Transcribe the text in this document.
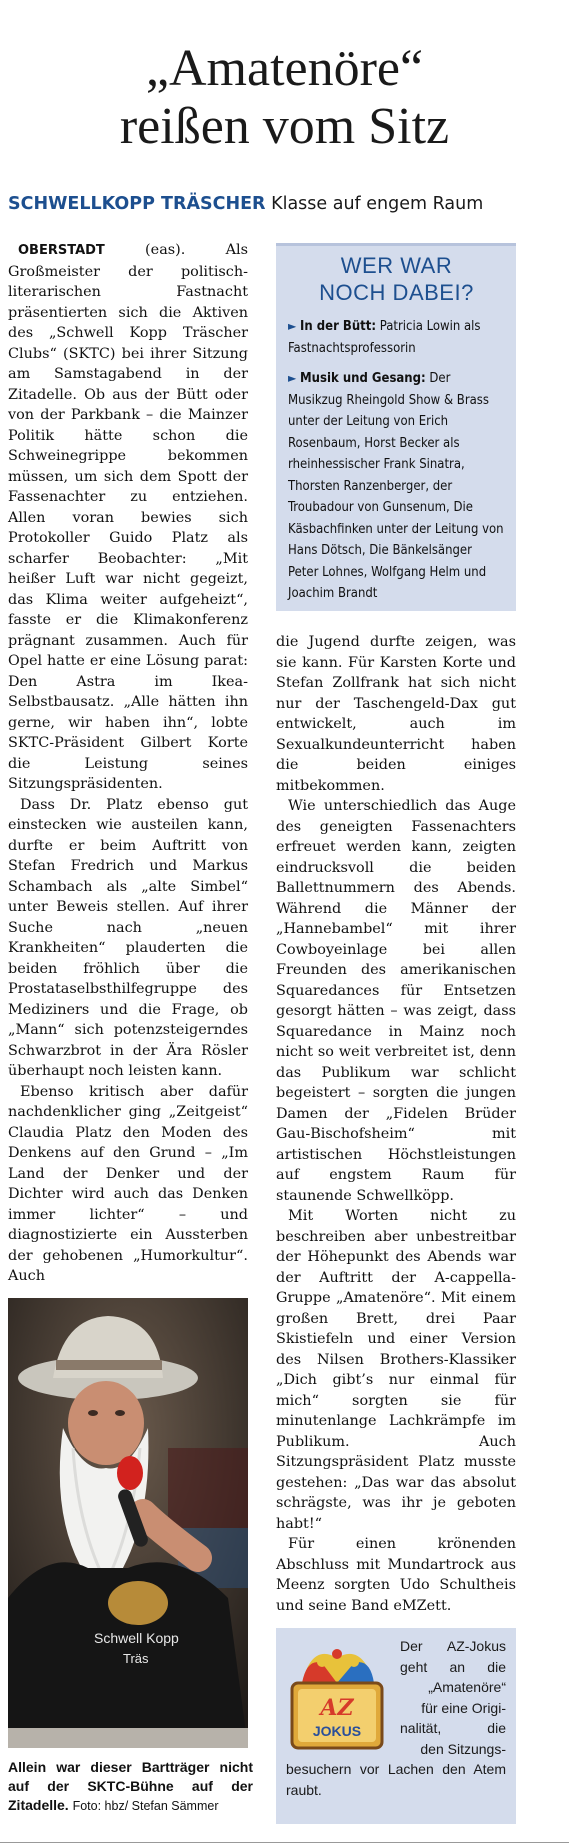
„Amatenöre“
reißen vom Sitz
SCHWELLKOPP TRÄSCHER Klasse auf engem Raum

OBERSTADT (eas). Als Großmeister der politisch-literarischen Fastnacht präsentierten sich die Aktiven des „Schwell Kopp Träscher Clubs“ (SKTC) bei ihrer Sitzung am Samstagabend in der Zitadelle. Ob aus der Bütt oder von der Parkbank – die Mainzer Politik hätte schon die Schweinegrippe bekommen müssen, um sich dem Spott der Fassenachter zu entziehen. Allen voran bewies sich Protokoller Guido Platz als scharfer Beobachter: „Mit heißer Luft war nicht gegeizt, das Klima weiter aufgeheizt“, fasste er die Klimakonferenz prägnant zusammen. Auch für Opel hatte er eine Lösung parat: Den Astra im Ikea-Selbstbausatz. „Alle hätten ihn gerne, wir haben ihn“, lobte SKTC-Präsident Gilbert Korte die Leistung seines Sitzungspräsidenten.

Dass Dr. Platz ebenso gut einstecken wie austeilen kann, durfte er beim Auftritt von Stefan Fredrich und Markus Schambach als „alte Simbel“ unter Beweis stellen. Auf ihrer Suche nach „neuen Krankheiten“ plauderten die beiden fröhlich über die Prostataselbsthilfegruppe des Mediziners und die Frage, ob „Mann“ sich potenzsteigerndes Schwarzbrot in der Ära Rösler überhaupt noch leisten kann.

Ebenso kritisch aber dafür nachdenklicher ging „Zeitgeist“ Claudia Platz den Moden des Denkens auf den Grund – „Im Land der Denker und der Dichter wird auch das Denken immer lichter“ – und diagnostizierte ein Aussterben der gehobenen „Humorkultur“. Auch

WER WAR
NOCH DABEI?

► In der Bütt: Patricia Lowin als Fastnachtsprofessorin

► Musik und Gesang: Der Musikzug Rheingold Show & Brass unter der Leitung von Erich Rosenbaum, Horst Becker als rheinhessischer Frank Sinatra, Thorsten Ranzenberger, der Troubadour von Gunsenum, Die Käsbachfinken unter der Leitung von Hans Dötsch, Die Bänkelsänger Peter Lohnes, Wolfgang Helm und Joachim Brandt

die Jugend durfte zeigen, was sie kann. Für Karsten Korte und Stefan Zollfrank hat sich nicht nur der Taschengeld-Dax gut entwickelt, auch im Sexualkundeunterricht haben die beiden einiges mitbekommen.

Wie unterschiedlich das Auge des geneigten Fassenachters erfreuet werden kann, zeigten eindrucksvoll die beiden Ballettnummern des Abends. Während die Männer der „Hannebambel“ mit ihrer Cowboyeinlage bei allen Freunden des amerikanischen Squaredances für Entsetzen gesorgt hätten – was zeigt, dass Squaredance in Mainz noch nicht so weit verbreitet ist, denn das Publikum war schlicht begeistert – sorgten die jungen Damen der „Fidelen Brüder Gau-Bischofsheim“ mit artistischen Höchstleistungen auf engstem Raum für staunende Schwellköpp.

Mit Worten nicht zu beschreiben aber unbestreitbar der Höhepunkt des Abends war der Auftritt der A-cappella-Gruppe „Amatenöre“. Mit einem großen Brett, drei Paar Skistiefeln und einer Version des Nilsen Brothers-Klassiker „Dich gibt’s nur einmal für mich“ sorgten sie für minutenlange Lachkrämpfe im Publikum. Auch Sitzungspräsident Platz musste gestehen: „Das war das absolut schrägste, was ihr je geboten habt!“

Für einen krönenden Abschluss mit Mundartrock aus Meenz sorgten Udo Schultheis und seine Band eMZett.

Schwell Kopp
Träs
Allein war dieser Bartträger nicht auf der SKTC-Bühne auf der Zitadelle. Foto: hbz/ Stefan Sämmer
AZ
JOKUS
Der AZ-Jokus
geht an die
„Amatenöre“
für eine Origi-
nalität, die
den Sitzungs-
besuchern vor Lachen den Atem
raubt.
